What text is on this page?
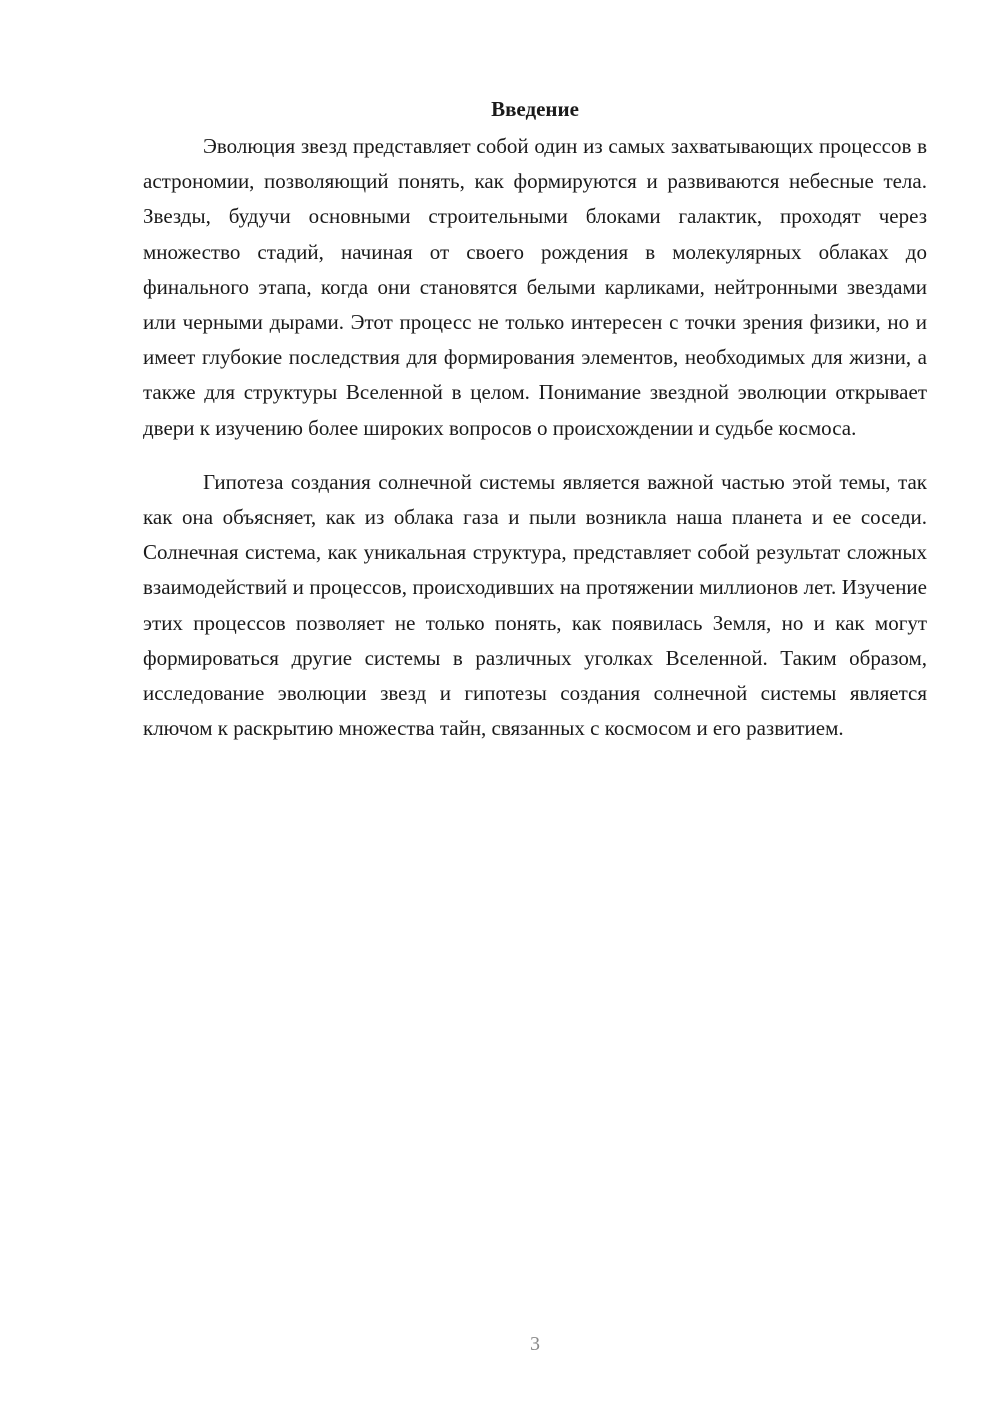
Введение

Эволюция звезд представляет собой один из самых захватывающих процессов в астрономии, позволяющий понять, как формируются и развиваются небесные тела. Звезды, будучи основными строительными блоками галактик, проходят через множество стадий, начиная от своего рождения в молекулярных облаках до финального этапа, когда они становятся белыми карликами, нейтронными звездами или черными дырами. Этот процесс не только интересен с точки зрения физики, но и имеет глубокие последствия для формирования элементов, необходимых для жизни, а также для структуры Вселенной в целом. Понимание звездной эволюции открывает двери к изучению более широких вопросов о происхождении и судьбе космоса.

Гипотеза создания солнечной системы является важной частью этой темы, так как она объясняет, как из облака газа и пыли возникла наша планета и ее соседи. Солнечная система, как уникальная структура, представляет собой результат сложных взаимодействий и процессов, происходивших на протяжении миллионов лет. Изучение этих процессов позволяет не только понять, как появилась Земля, но и как могут формироваться другие системы в различных уголках Вселенной. Таким образом, исследование эволюции звезд и гипотезы создания солнечной системы является ключом к раскрытию множества тайн, связанных с космосом и его развитием.

3
